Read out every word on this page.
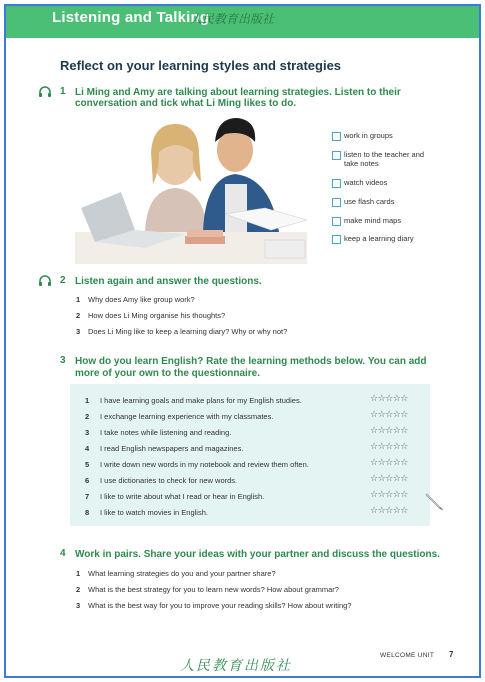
Listening and Talking
人民教育出版社
Reflect on your learning styles and strategies
1 Li Ming and Amy are talking about learning strategies. Listen to their
conversation and tick what Li Ming likes to do.
work in groups
listen to the teacher and take notes
watch videos
use flash cards
make mind maps
keep a learning diary
2 Listen again and answer the questions.
1 Why does Amy like group work?
2 How does Li Ming organise his thoughts?
3 Does Li Ming like to keep a learning diary? Why or why not?
3 How do you learn English? Rate the learning methods below. You can add
more of your own to the questionnaire.
1 I have learning goals and make plans for my English studies.	☆☆☆☆☆
2 I exchange learning experience with my classmates.	☆☆☆☆☆
3 I take notes while listening and reading.	☆☆☆☆☆
4 I read English newspapers and magazines.	☆☆☆☆☆
5 I write down new words in my notebook and review them often.	☆☆☆☆☆
6 I use dictionaries to check for new words.	☆☆☆☆☆
7 I like to write about what I read or hear in English.	☆☆☆☆☆
8 I like to watch movies in English.	☆☆☆☆☆
4 Work in pairs. Share your ideas with your partner and discuss the questions.
1 What learning strategies do you and your partner share?
2 What is the best strategy for you to learn new words? How about grammar?
3 What is the best way for you to improve your reading skills? How about writing?
人民教育出版社
WELCOME UNIT 7
